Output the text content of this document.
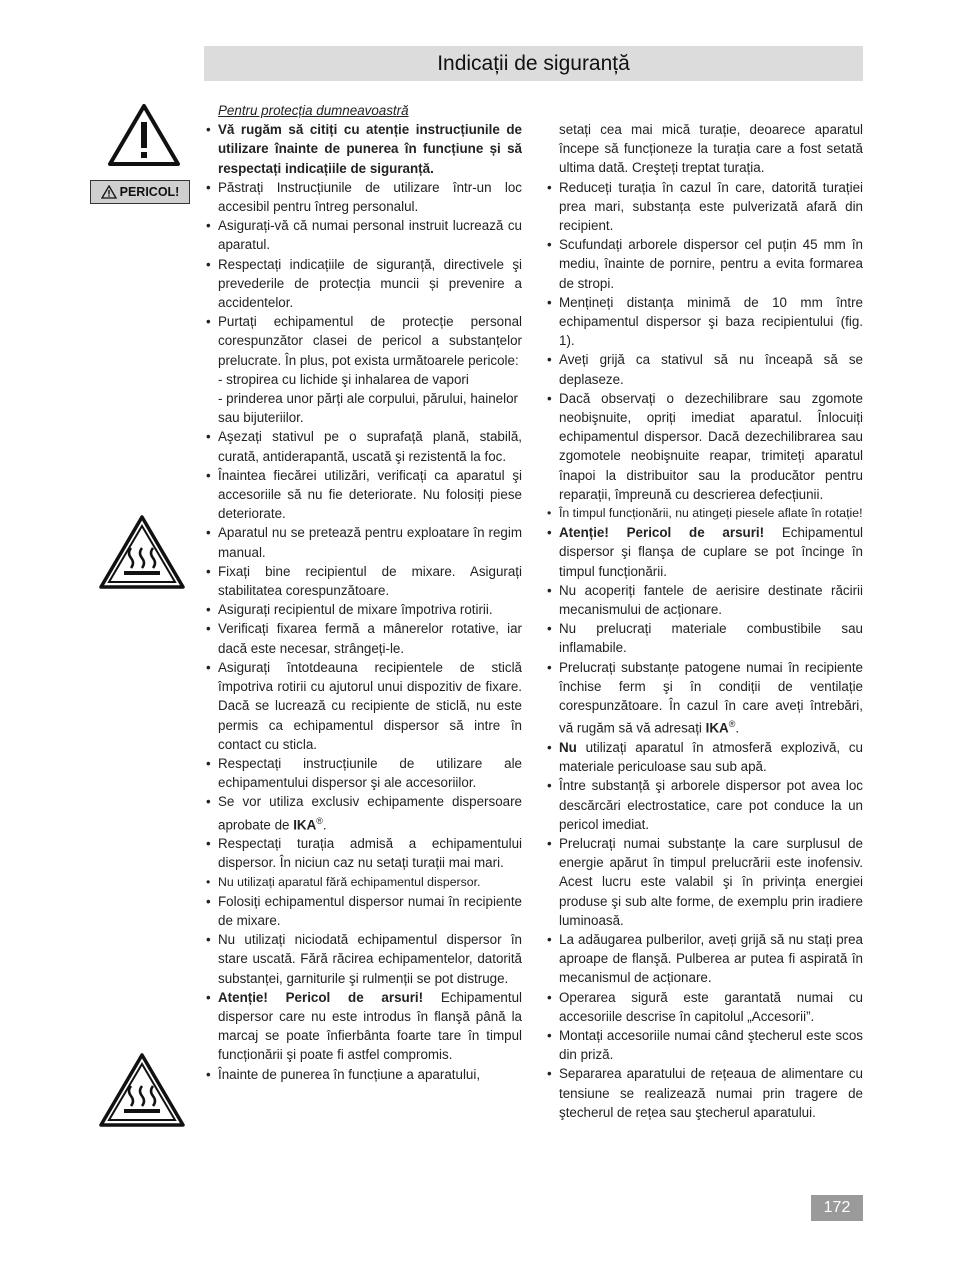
Indicații de siguranță
PERICOL!

Pentru protecția dumneavoastră

• Vă rugăm să citiți cu atenție instrucțiunile de utilizare înainte de punerea în funcțiune și să respectați indicațiile de siguranță.

• Păstrați Instrucțiunile de utilizare într-un loc accesibil pentru întreg personalul.

• Asigurați-vă că numai personal instruit lucrează cu aparatul.

• Respectați indicațiile de siguranță, directivele şi prevederile de protecția muncii și prevenire a accidentelor.

• Purtați echipamentul de protecție personal corespunzător clasei de pericol a substanțelor prelucrate. În plus, pot exista următoarele pericole:

- stropirea cu lichide şi inhalarea de vapori

- prinderea unor părți ale corpului, părului, hainelor sau bijuteriilor.

• Aşezați stativul pe o suprafață plană, stabilă, curată, antiderapantă, uscată şi rezistentă la foc.

• Înaintea fiecărei utilizări, verificați ca aparatul şi accesoriile să nu fie deteriorate. Nu folosiți piese deteriorate.

• Aparatul nu se pretează pentru exploatare în regim manual.

• Fixați bine recipientul de mixare. Asigurați stabilitatea corespunzătoare.

• Asigurați recipientul de mixare împotriva rotirii.

• Verificați fixarea fermă a mânerelor rotative, iar dacă este necesar, strângeți-le.

• Asigurați întotdeauna recipientele de sticlă împotriva rotirii cu ajutorul unui dispozitiv de fixare. Dacă se lucrează cu recipiente de sticlă, nu este permis ca echipamentul dispersor să intre în contact cu sticla.

• Respectați instrucțiunile de utilizare ale echipamentului dispersor şi ale accesoriilor.

• Se vor utiliza exclusiv echipamente dispersoare aprobate de IKA®.

• Respectați turația admisă a echipamentului dispersor. În niciun caz nu setați turații mai mari.

• Nu utilizați aparatul fără echipamentul dispersor.

• Folosiți echipamentul dispersor numai în recipiente de mixare.

• Nu utilizați niciodată echipamentul dispersor în stare uscată. Fără răcirea echipamentelor, datorită substanței, garniturile şi rulmenții se pot distruge.

• Atenție! Pericol de arsuri! Echipamentul dispersor care nu este introdus în flanşă până la marcaj se poate înfierbânta foarte tare în timpul funcționării şi poate fi astfel compromis.

• Înainte de punerea în funcțiune a aparatului,

setați cea mai mică turație, deoarece aparatul începe să funcționeze la turația care a fost setată ultima dată. Creşteți treptat turația.

• Reduceți turația în cazul în care, datorită turației prea mari, substanța este pulverizată afară din recipient.

• Scufundați arborele dispersor cel puțin 45 mm în mediu, înainte de pornire, pentru a evita formarea de stropi.

• Mențineți distanța minimă de 10 mm între echipamentul dispersor şi baza recipientului (fig. 1).

• Aveți grijă ca stativul să nu înceapă să se deplaseze.

• Dacă observați o dezechilibrare sau zgomote neobişnuite, opriți imediat aparatul. Înlocuiți echipamentul dispersor. Dacă dezechilibrarea sau zgomotele neobişnuite reapar, trimiteți aparatul înapoi la distribuitor sau la producător pentru reparații, împreună cu descrierea defecțiunii.

• În timpul funcționării, nu atingeți piesele aflate în rotație!

• Atenție! Pericol de arsuri! Echipamentul dispersor şi flanşa de cuplare se pot încinge în timpul funcționării.

• Nu acoperiți fantele de aerisire destinate răcirii mecanismului de acționare.

• Nu prelucrați materiale combustibile sau inflamabile.

• Prelucrați substanțe patogene numai în recipiente închise ferm şi în condiții de ventilație corespunzătoare. În cazul în care aveți întrebări, vă rugăm să vă adresați IKA®.

• Nu utilizați aparatul în atmosferă explozivă, cu materiale periculoase sau sub apă.

• Între substanță şi arborele dispersor pot avea loc descărcări electrostatice, care pot conduce la un pericol imediat.

• Prelucrați numai substanțe la care surplusul de energie apărut în timpul prelucrării este inofensiv. Acest lucru este valabil şi în privința energiei produse şi sub alte forme, de exemplu prin iradiere luminoasă.

• La adăugarea pulberilor, aveți grijă să nu stați prea aproape de flanşă. Pulberea ar putea fi aspirată în mecanismul de acționare.

• Operarea sigură este garantată numai cu accesoriile descrise în capitolul „Accesorii”.

• Montați accesoriile numai când ştecherul este scos din priză.

• Separarea aparatului de rețeaua de alimentare cu tensiune se realizează numai prin tragere de ştecherul de rețea sau ştecherul aparatului.

172
